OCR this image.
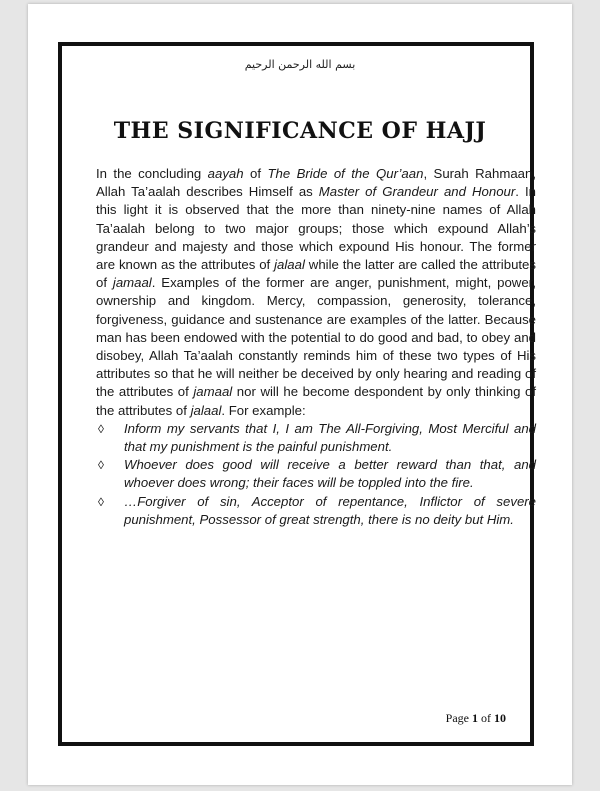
بسم الله الرحمن الرحيم
THE SIGNIFICANCE OF HAJJ

In the concluding aayah of The Bride of the Qur’aan, Surah Rahmaan, Allah Ta’aalah describes Himself as Master of Grandeur and Honour. In this light it is observed that the more than ninety-nine names of Allah Ta’aalah belong to two major groups; those which expound Allah’s grandeur and majesty and those which expound His honour. The former are known as the attributes of jalaal while the latter are called the attributes of jamaal. Examples of the former are anger, punishment, might, power, ownership and kingdom. Mercy, compassion, generosity, tolerance, forgiveness, guidance and sustenance are examples of the latter. Because man has been endowed with the potential to do good and bad, to obey and disobey, Allah Ta’aalah constantly reminds him of these two types of His attributes so that he will neither be deceived by only hearing and reading of the attributes of jamaal nor will he become despondent by only thinking of the attributes of jalaal. For example:

◊ Inform my servants that I, I am The All-Forgiving, Most Merciful and that my punishment is the painful punishment.
◊ Whoever does good will receive a better reward than that, and whoever does wrong; their faces will be toppled into the fire.
◊ …Forgiver of sin, Acceptor of repentance, Inflictor of severe punishment, Possessor of great strength, there is no deity but Him.
Page 1 of 10
